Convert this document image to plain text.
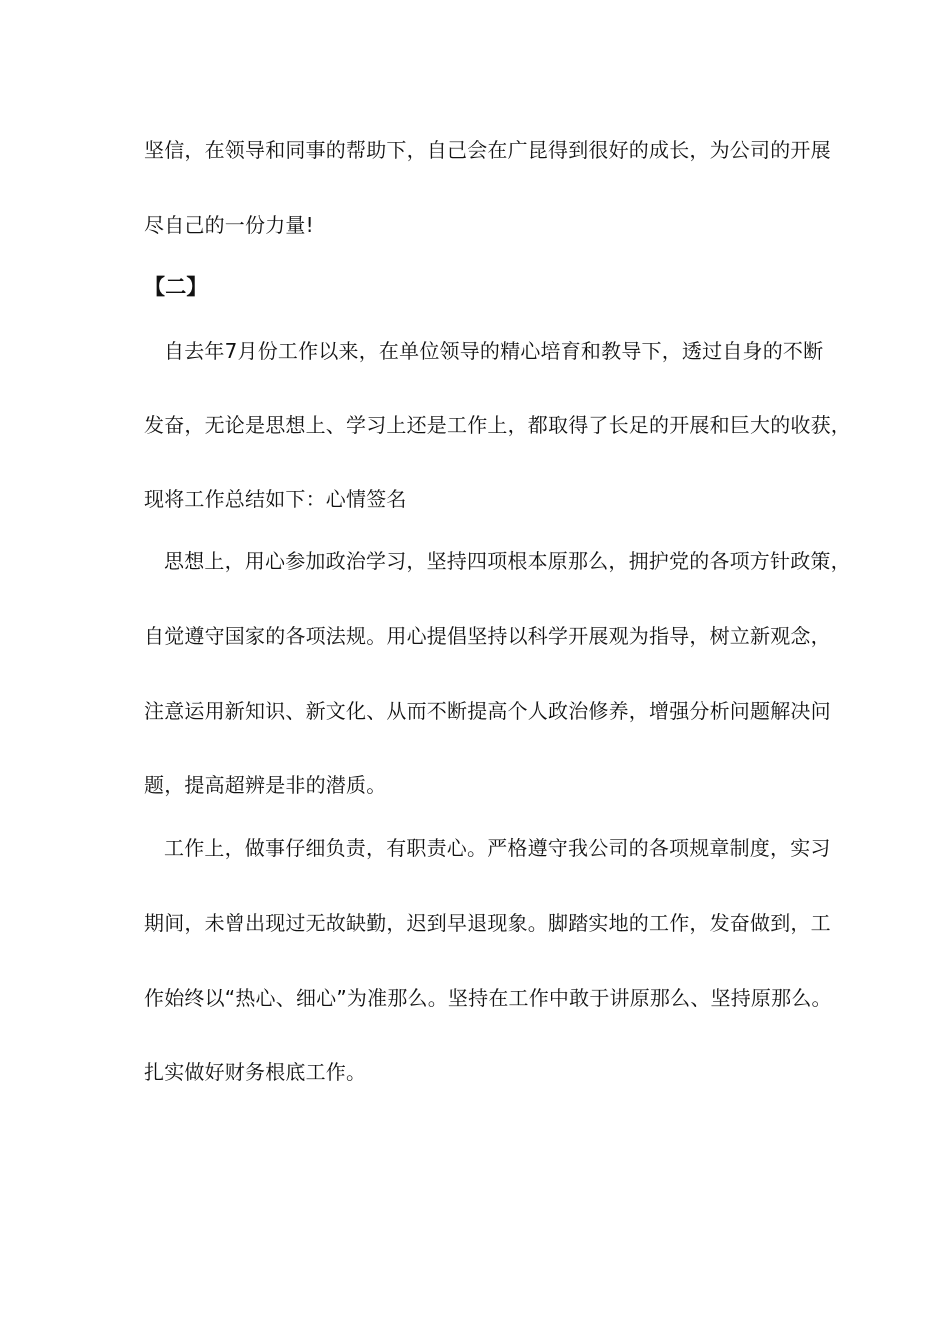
坚信，在领导和同事的帮助下，自己会在广昆得到很好的成长，为公司的开展
尽自己的一份力量!
【二】
自去年7月份工作以来，在单位领导的精心培育和教导下，透过自身的不断
发奋，无论是思想上、学习上还是工作上，都取得了长足的开展和巨大的收获，
现将工作总结如下：心情签名
思想上，用心参加政治学习，坚持四项根本原那么，拥护党的各项方针政策，
自觉遵守国家的各项法规。用心提倡坚持以科学开展观为指导，树立新观念，
注意运用新知识、新文化、从而不断提高个人政治修养，增强分析问题解决问
题，提高超辨是非的潜质。
工作上，做事仔细负责，有职责心。严格遵守我公司的各项规章制度，实习
期间，未曾出现过无故缺勤，迟到早退现象。脚踏实地的工作，发奋做到，工
作始终以“热心、细心”为准那么。坚持在工作中敢于讲原那么、坚持原那么。
扎实做好财务根底工作。
